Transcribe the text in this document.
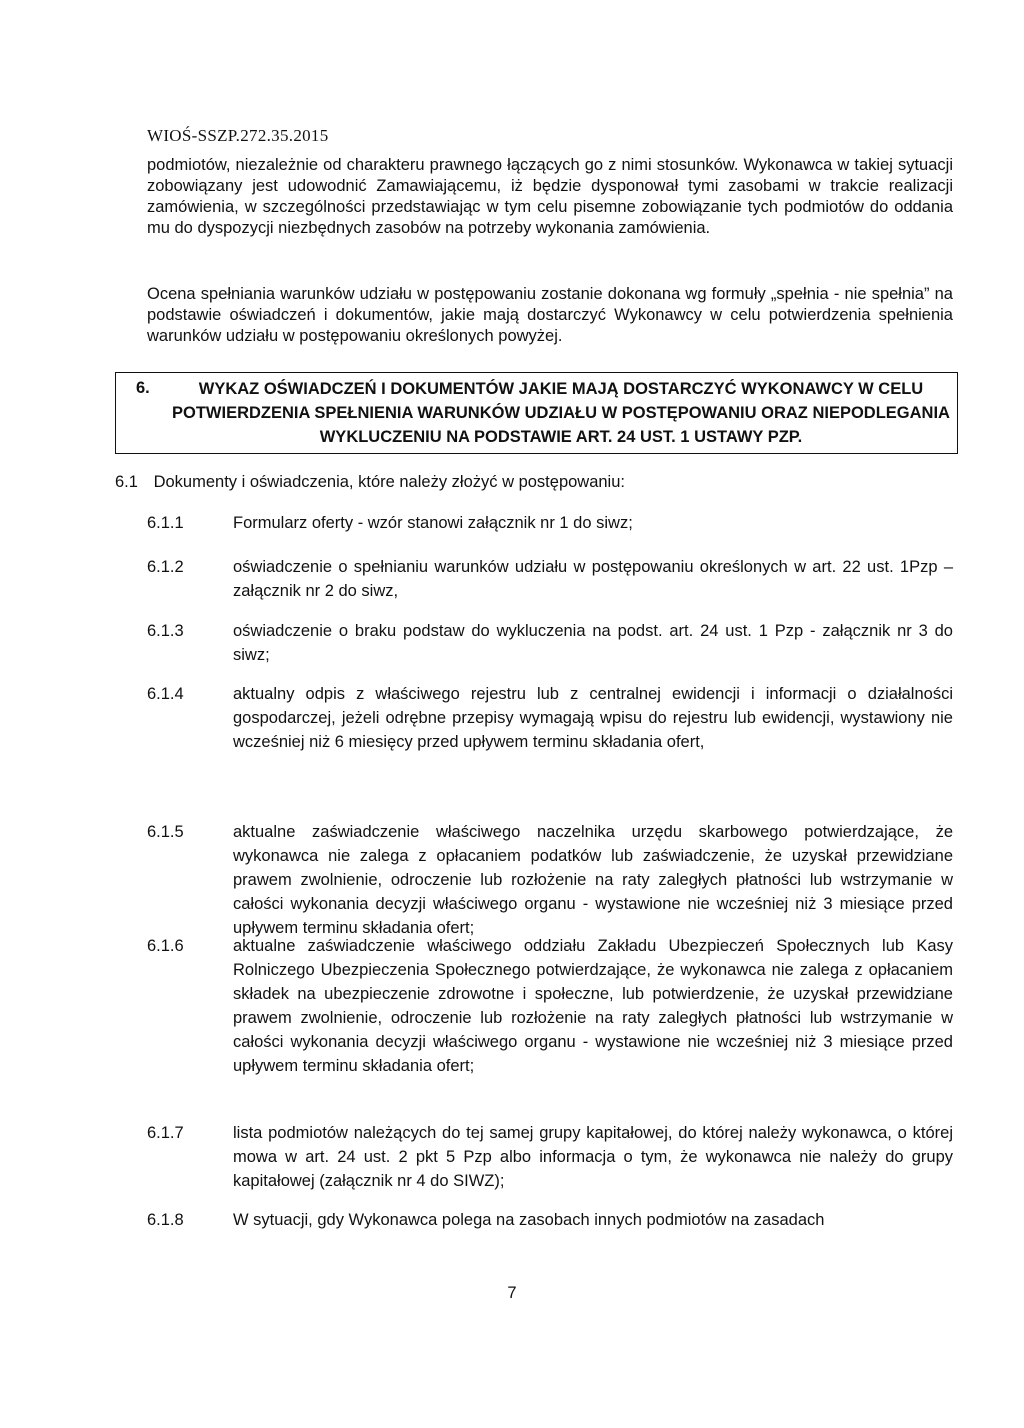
WIOŚ-SSZP.272.35.2015

podmiotów, niezależnie od charakteru prawnego łączących go z nimi stosunków. Wykonawca w takiej sytuacji zobowiązany jest udowodnić Zamawiającemu, iż będzie dysponował tymi zasobami w trakcie realizacji zamówienia, w szczególności przedstawiając w tym celu pisemne zobowiązanie tych podmiotów do oddania mu do dyspozycji niezbędnych zasobów na potrzeby wykonania zamówienia.

Ocena spełniania warunków udziału w postępowaniu zostanie dokonana wg formuły „spełnia - nie spełnia” na podstawie oświadczeń i dokumentów, jakie mają dostarczyć Wykonawcy w celu potwierdzenia spełnienia warunków udziału w postępowaniu określonych powyżej.

6.	WYKAZ OŚWIADCZEŃ I DOKUMENTÓW JAKIE MAJĄ DOSTARCZYĆ WYKONAWCY W CELU POTWIERDZENIA SPEŁNIENIA WARUNKÓW UDZIAŁU W POSTĘPOWANIU ORAZ NIEPODLEGANIA WYKLUCZENIU NA PODSTAWIE ART. 24 UST. 1 USTAWY PZP.
6.1 Dokumenty i oświadczenia, które należy złożyć w postępowaniu:
6.1.1	Formularz oferty - wzór stanowi załącznik nr 1 do siwz;
6.1.2	oświadczenie o spełnianiu warunków udziału w postępowaniu określonych w art. 22 ust. 1Pzp – załącznik nr 2 do siwz,
6.1.3	oświadczenie o braku podstaw do wykluczenia na podst. art. 24 ust. 1 Pzp - załącznik nr 3 do siwz;
6.1.4	aktualny odpis z właściwego rejestru lub z centralnej ewidencji i informacji o działalności gospodarczej, jeżeli odrębne przepisy wymagają wpisu do rejestru lub ewidencji, wystawiony nie wcześniej niż 6 miesięcy przed upływem terminu składania ofert,
6.1.5	aktualne zaświadczenie właściwego naczelnika urzędu skarbowego potwierdzające, że wykonawca nie zalega z opłacaniem podatków lub zaświadczenie, że uzyskał przewidziane prawem zwolnienie, odroczenie lub rozłożenie na raty zaległych płatności lub wstrzymanie w całości wykonania decyzji właściwego organu - wystawione nie wcześniej niż 3 miesiące przed upływem terminu składania ofert;
6.1.6	aktualne zaświadczenie właściwego oddziału Zakładu Ubezpieczeń Społecznych lub Kasy Rolniczego Ubezpieczenia Społecznego potwierdzające, że wykonawca nie zalega z opłacaniem składek na ubezpieczenie zdrowotne i społeczne, lub potwierdzenie, że uzyskał przewidziane prawem zwolnienie, odroczenie lub rozłożenie na raty zaległych płatności lub wstrzymanie w całości wykonania decyzji właściwego organu - wystawione nie wcześniej niż 3 miesiące przed upływem terminu składania ofert;
6.1.7	lista podmiotów należących do tej samej grupy kapitałowej, do której należy wykonawca, o której mowa w art. 24 ust. 2 pkt 5 Pzp albo informacja o tym, że wykonawca nie należy do grupy kapitałowej (załącznik nr 4 do SIWZ);
6.1.8	W sytuacji, gdy Wykonawca polega na zasobach innych podmiotów na zasadach
7
